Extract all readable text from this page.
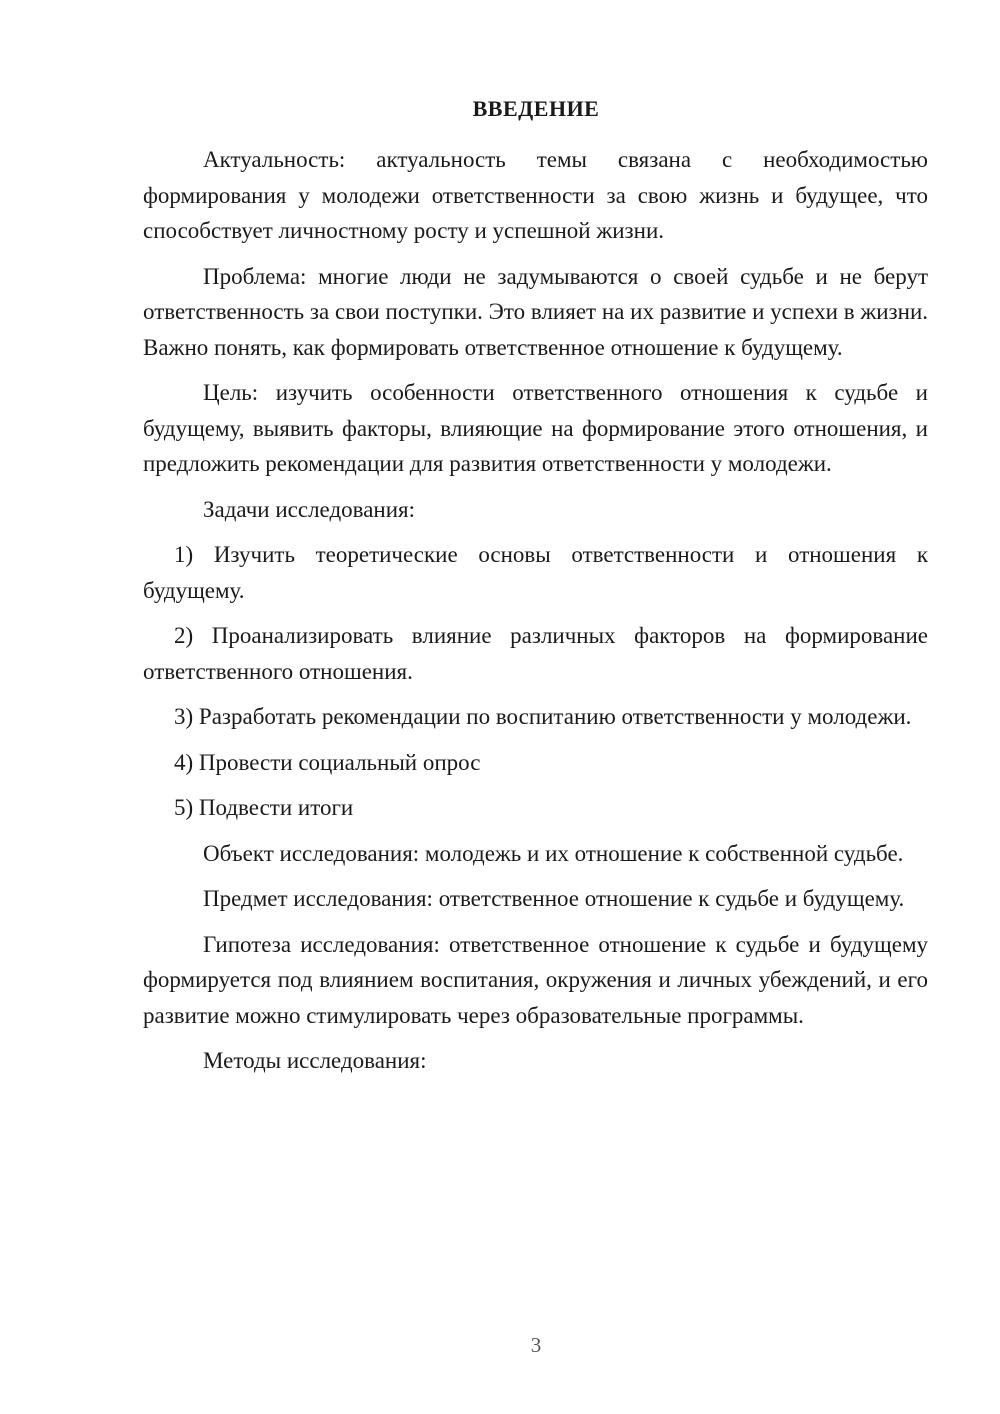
ВВЕДЕНИЕ

Актуальность: актуальность темы связана с необходимостью формирования у молодежи ответственности за свою жизнь и будущее, что способствует личностному росту и успешной жизни.

Проблема: многие люди не задумываются о своей судьбе и не берут ответственность за свои поступки. Это влияет на их развитие и успехи в жизни. Важно понять, как формировать ответственное отношение к будущему.

Цель: изучить особенности ответственного отношения к судьбе и будущему, выявить факторы, влияющие на формирование этого отношения, и предложить рекомендации для развития ответственности у молодежи.

Задачи исследования:

1) Изучить теоретические основы ответственности и отношения к будущему.

2) Проанализировать влияние различных факторов на формирование ответственного отношения.

3) Разработать рекомендации по воспитанию ответственности у молодежи.

4) Провести социальный опрос

5) Подвести итоги

Объект исследования: молодежь и их отношение к собственной судьбе.

Предмет исследования: ответственное отношение к судьбе и будущему.

Гипотеза исследования: ответственное отношение к судьбе и будущему формируется под влиянием воспитания, окружения и личных убеждений, и его развитие можно стимулировать через образовательные программы.

Методы исследования:

3
